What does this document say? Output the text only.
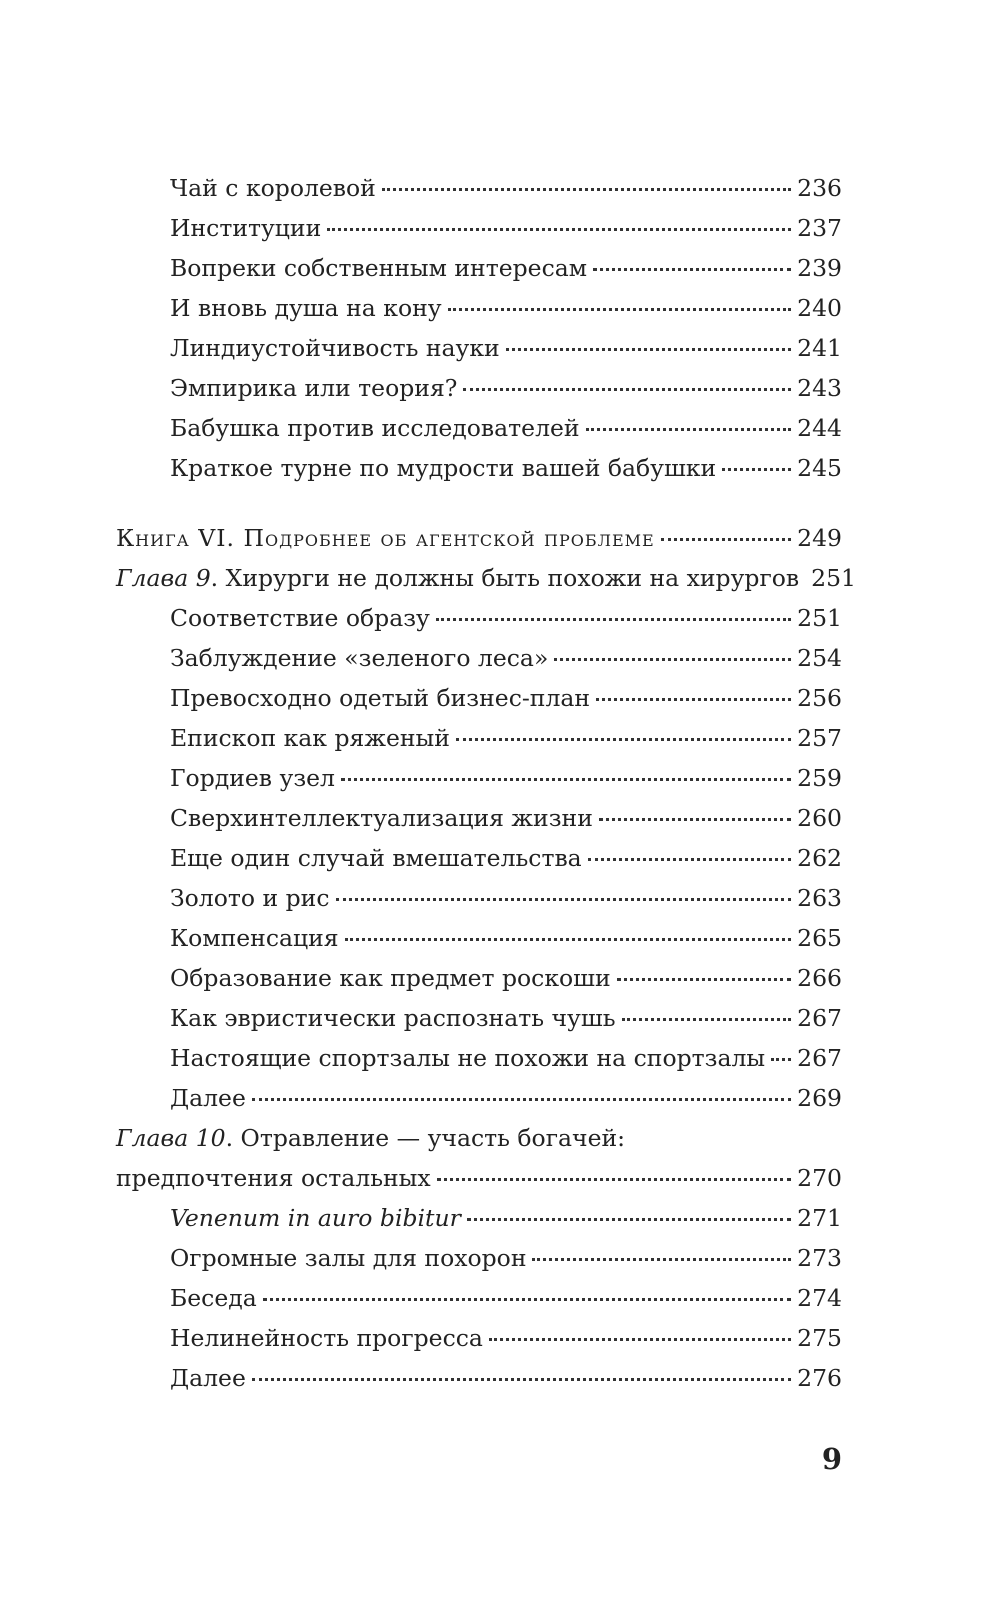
Чай с королевой	236
Институции	237
Вопреки собственным интересам	239
И вновь душа на кону	240
Линдиустойчивость науки	241
Эмпирика или теория?	243
Бабушка против исследователей	244
Краткое турне по мудрости вашей бабушки	245
Книга VI. Подробнее об агентской проблеме	249
Глава 9. Хирурги не должны быть похожи на хирургов 251
Соответствие образу	251
Заблуждение «зеленого леса»	254
Превосходно одетый бизнес-план	256
Епископ как ряженый	257
Гордиев узел	259
Сверхинтеллектуализация жизни	260
Еще один случай вмешательства	262
Золото и рис	263
Компенсация	265
Образование как предмет роскоши	266
Как эвристически распознать чушь	267
Настоящие спортзалы не похожи на спортзалы 267
Далее	269
Глава 10. Отравление — участь богачей:
предпочтения остальных	270
Venenum in auro bibitur	271
Огромные залы для похорон	273
Беседа	274
Нелинейность прогресса	275
Далее	276
9
